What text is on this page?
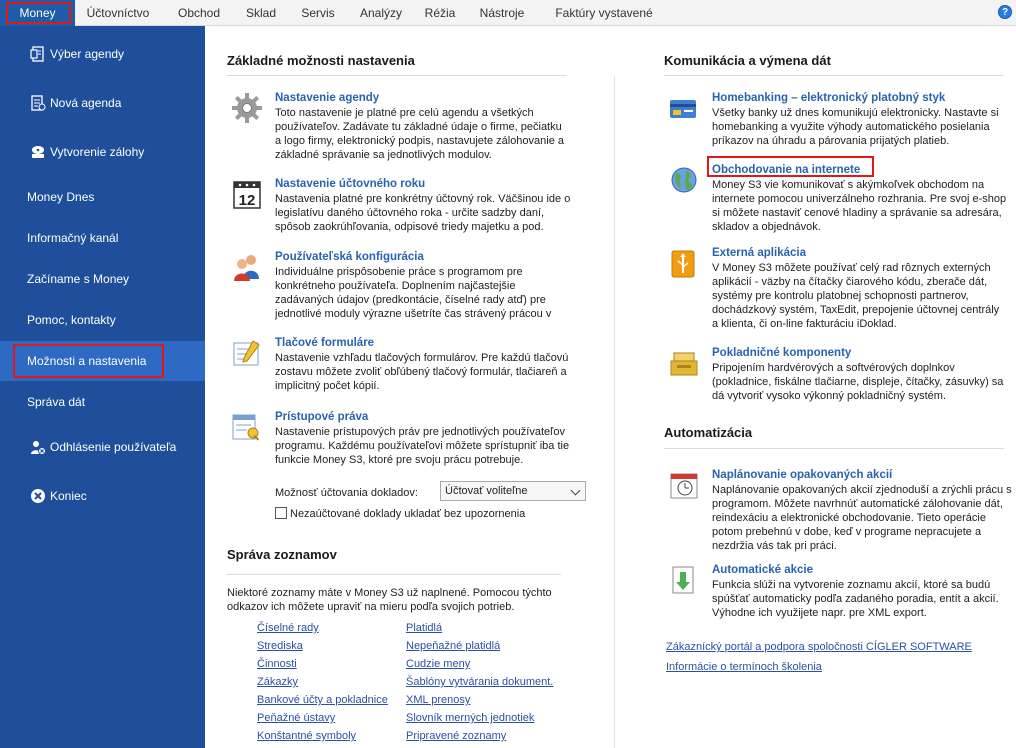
Money	Účtovníctvo	Obchod	Sklad	Servis	Analýzy	Réžia	Nástroje	Faktúry vystavené	?
Výber agendy
Nová agenda
Vytvorenie zálohy
Money Dnes
Informačný kanál
Začíname s Money
Pomoc, kontakty
Možnosti a nastavenia
Správa dát
Odhlásenie používateľa
Koniec
Základné možnosti nastavenia
Nastavenie agendy
Toto nastavenie je platné pre celú agendu a všetkých
používateľov. Zadávate tu základné údaje o firme, pečiatku
a logo firmy, elektronický podpis, nastavujete zálohovanie a
základné správanie sa jednotlivých modulov.
12
Nastavenie účtovného roku
Nastavenia platné pre konkrétny účtovný rok. Väčšinou ide o
legislatívu daného účtovného roka - určite sadzby daní,
spôsob zaokrúhľovania, odpisové triedy majetku a pod.
Používateľská konfigurácia
Individuálne prispôsobenie práce s programom pre
konkrétneho používateľa. Doplnením najčastejšie
zadávaných údajov (predkontácie, číselné rady atď) pre
jednotlivé moduly výrazne ušetríte čas strávený prácou v
Tlačové formuláre
Nastavenie vzhľadu tlačových formulárov. Pre každú tlačovú
zostavu môžete zvoliť obľúbený tlačový formulár, tlačiareň a
implicitný počet kópií.
Prístupové práva
Nastavenie prístupových práv pre jednotlivých používateľov
programu. Každému používateľovi môžete sprístupniť iba tie
funkcie Money S3, ktoré pre svoju prácu potrebuje.
Možnosť účtovania dokladov:	Účtovať voliteľne
Nezaúčtované doklady ukladať bez upozornenia
Správa zoznamov
Niektoré zoznamy máte v Money S3 už naplnené. Pomocou týchto
odkazov ich môžete upraviť na mieru podľa svojich potrieb.
Číselné rady
Strediska
Činnosti
Zákazky
Bankové účty a pokladnice
Peňažné ústavy
Konštantné symboly
Platidlá
Nepeňažné platidlá
Cudzie meny
Šablóny vytvárania dokument.
XML prenosy
Slovník merných jednotiek
Pripravené zoznamy
Komunikácia a výmena dát
Homebanking – elektronický platobný styk
Všetky banky už dnes komunikujú elektronicky. Nastavte si
homebanking a využite výhody automatického posielania
príkazov na úhradu a párovania prijatých platieb.
Obchodovanie na internete
Money S3 vie komunikovať s akýmkoľvek obchodom na
internete pomocou univerzálneho rozhrania. Pre svoj e-shop
si môžete nastaviť cenové hladiny a správanie sa adresára,
skladov a objednávok.
Externá aplikácia
V Money S3 môžete používať celý rad rôznych externých
aplikácií - väzby na čítačky čiarového kódu, zberače dát,
systémy pre kontrolu platobnej schopnosti partnerov,
dochádzkový systém, TaxEdit, prepojenie účtovnej centrály
a klienta, či on-line fakturáciu iDoklad.
Pokladničné komponenty
Pripojením hardvérových a softvérových doplnkov
(pokladnice, fiskálne tlačiarne, displeje, čítačky, zásuvky) sa
dá vytvoriť vysoko výkonný pokladničný systém.
Automatizácia
Naplánovanie opakovaných akcií
Naplánovanie opakovaných akcií zjednoduší a zrýchli prácu s
programom. Môžete navrhnúť automatické zálohovanie dát,
reindexáciu a elektronické obchodovanie. Tieto operácie
potom prebehnú v dobe, keď v programe nepracujete a
nezdržia vás tak pri práci.
Automatické akcie
Funkcia slúži na vytvorenie zoznamu akcií, ktoré sa budú
spúšťať automaticky podľa zadaného poradia, entít a akcií.
Výhodne ich využijete napr. pre XML export.
Zákaznícký portál a podpora spoločnosti CÍGLER SOFTWARE
Informácie o termínoch školenia
